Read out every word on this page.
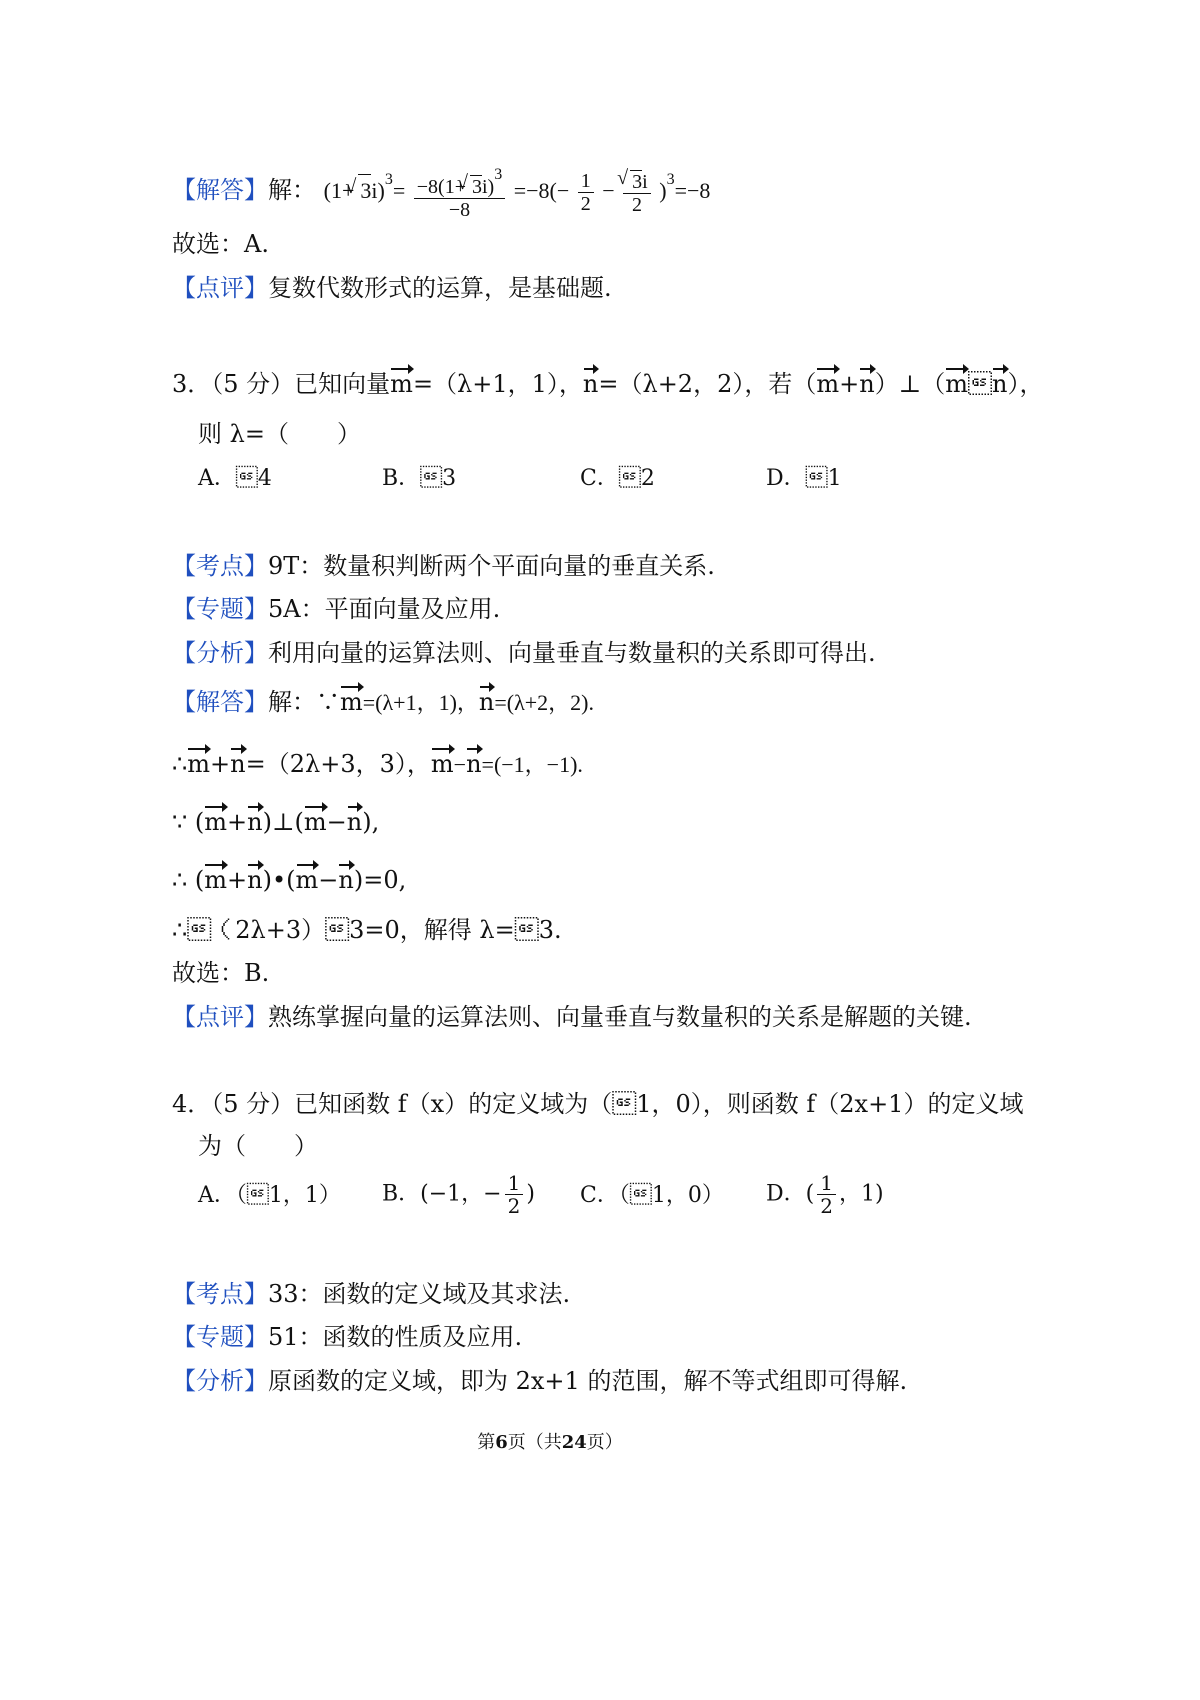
【解答】解： (1+ √ $3i)^3= \frac{-8(1+ √ 3i)^3}{-8} =-8(- \frac{1}{2}$ − √ $\frac{3i}{2} )^3=-8$
故选：A.
【点评】复数代数形式的运算，是基础题.
3．（5 分）已知向量m=（λ+1，1），n=（λ+2，2），若（m+n）⊥（mn），
则 λ=（　　）
A．4	B．3	C．2	D．1
【考点】9T：数量积判断两个平面向量的垂直关系.
【专题】5A：平面向量及应用.
【分析】利用向量的运算法则、向量垂直与数量积的关系即可得出.
【解答】解：∵m=(λ+1，1)，n=(λ+2，2).
∴m+n=（2λ+3，3），m−n=(−1，−1).
∵ (m+n)⊥(m−n),
∴ (m+n)•(m−n)=0,
∴（2λ+3）3=0，解得 λ=3.
故选：B.
【点评】熟练掌握向量的运算法则、向量垂直与数量积的关系是解题的关键.
4．（5 分）已知函数 f（x）的定义域为（1，0），则函数 f（2x+1）的定义域
为（　　）
A．（1，1） B．(−1，− $\frac{1}{2}$ ) C．（1，0） D．( $\frac{1}{2}$ ，1)
【考点】33：函数的定义域及其求法.
【专题】51：函数的性质及应用.
【分析】原函数的定义域，即为 2x+1 的范围，解不等式组即可得解.
第6页（共24页）
